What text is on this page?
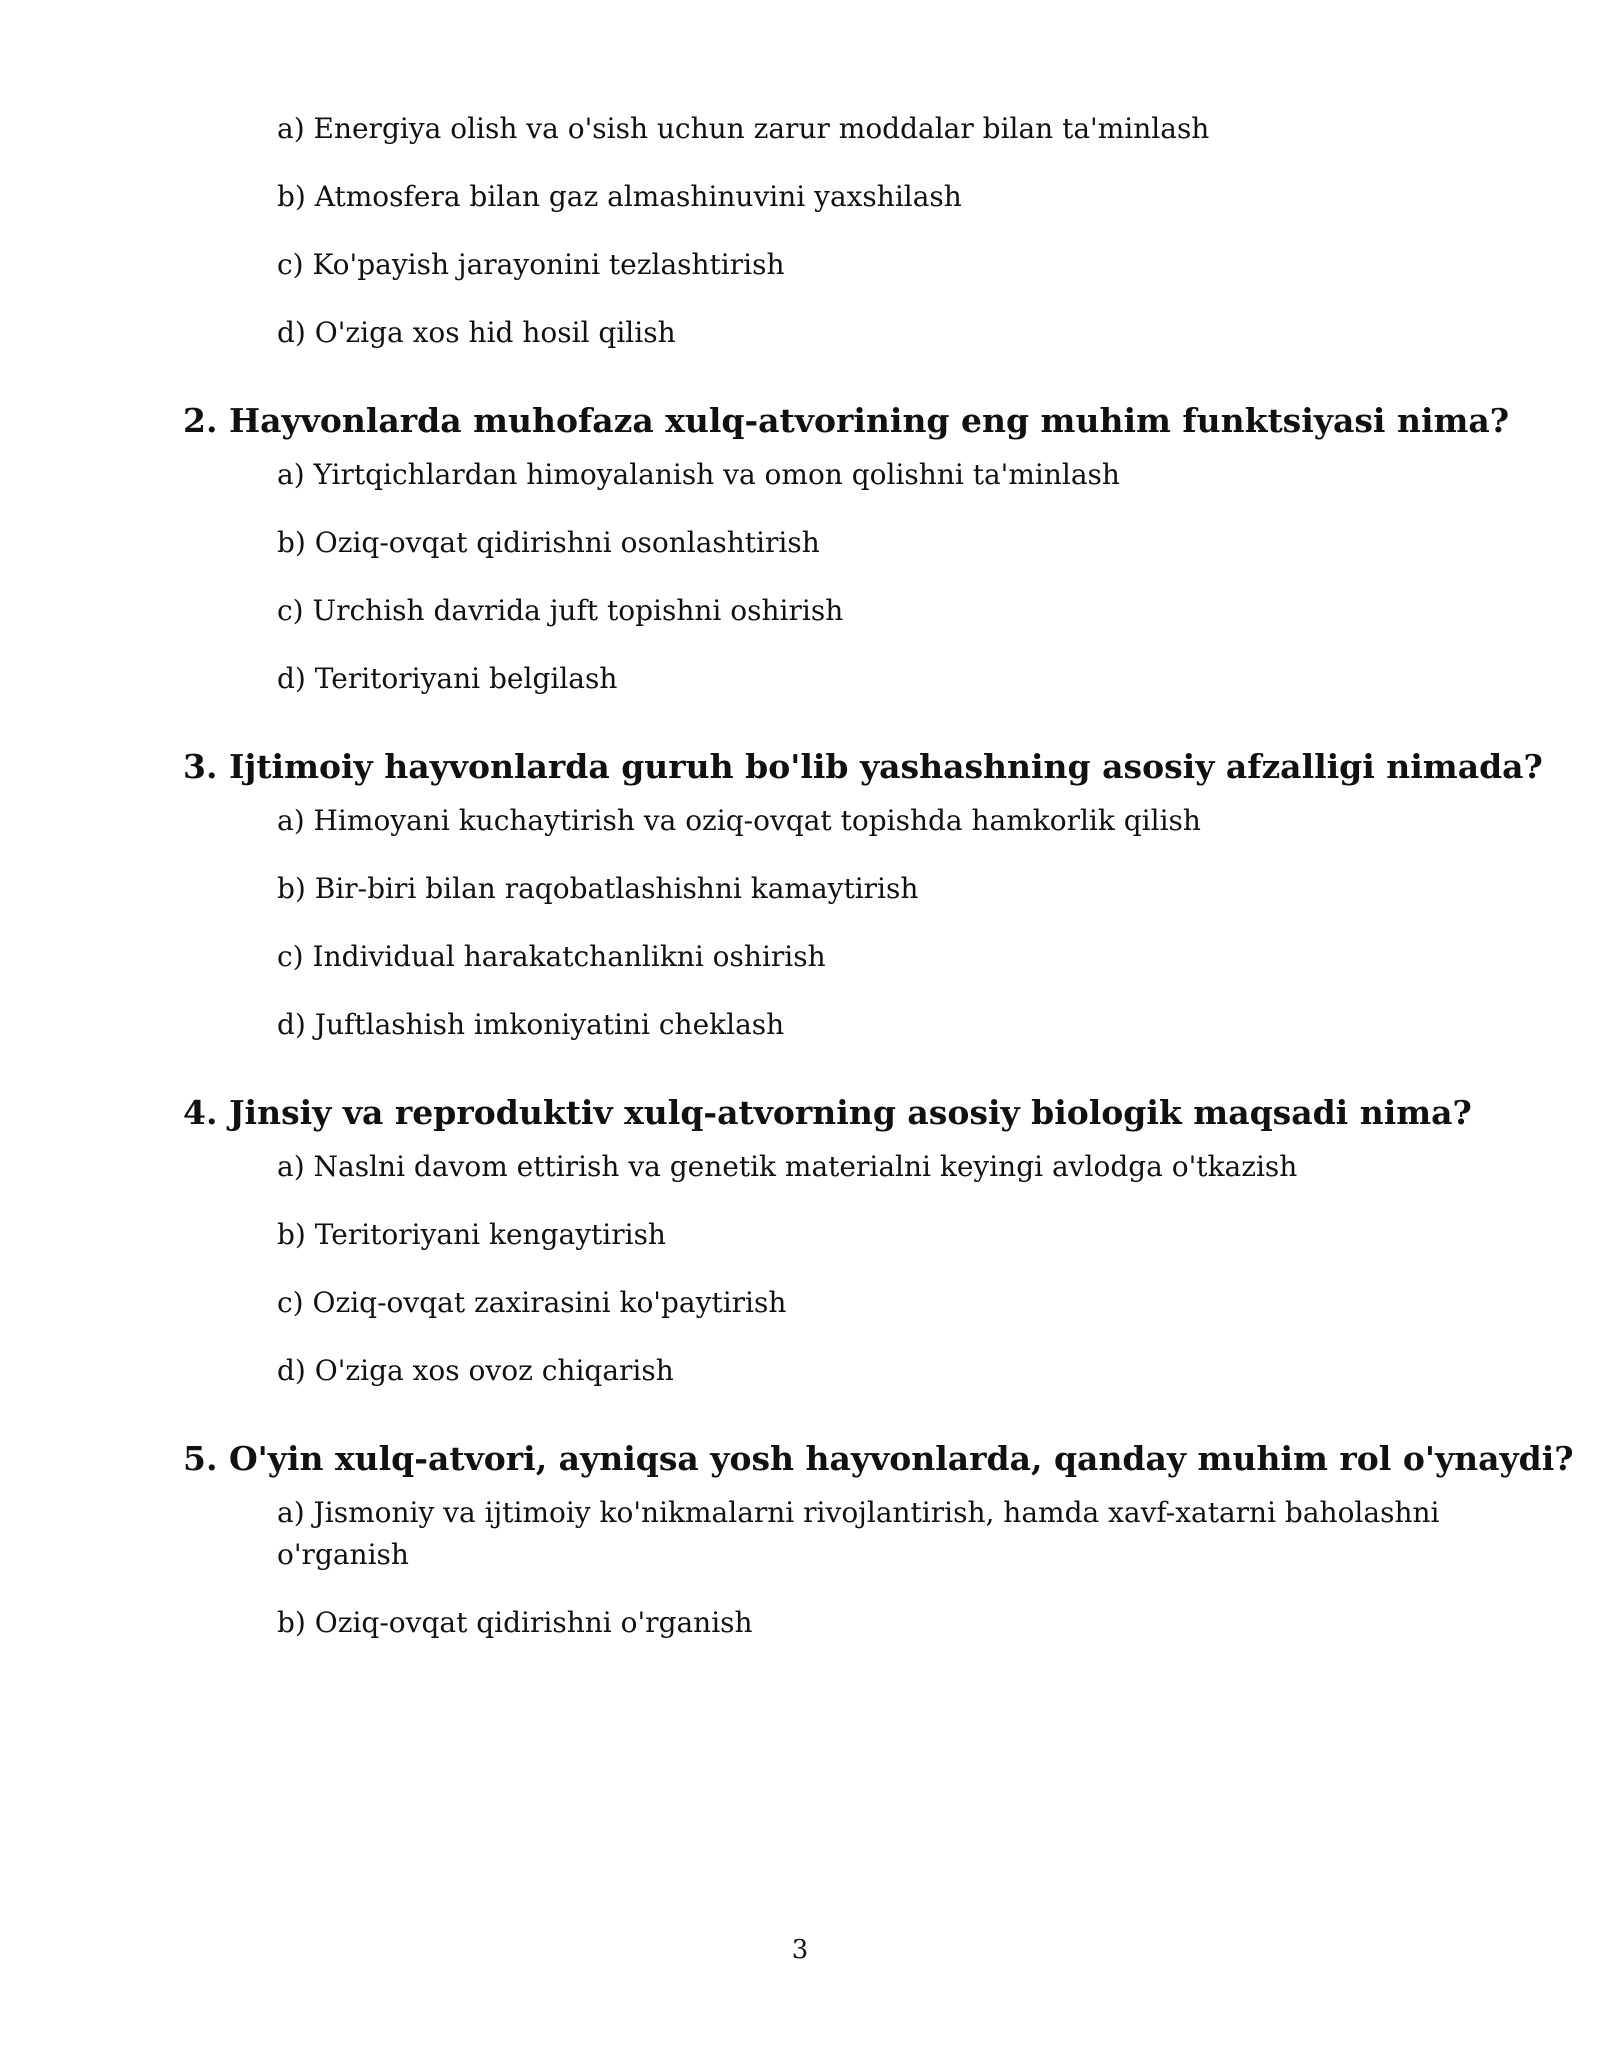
a) Energiya olish va o'sish uchun zarur moddalar bilan ta'minlash
b) Atmosfera bilan gaz almashinuvini yaxshilash
c) Ko'payish jarayonini tezlashtirish
d) O'ziga xos hid hosil qilish
2. Hayvonlarda muhofaza xulq-atvorining eng muhim funktsiyasi nima?
a) Yirtqichlardan himoyalanish va omon qolishni ta'minlash
b) Oziq-ovqat qidirishni osonlashtirish
c) Urchish davrida juft topishni oshirish
d) Teritoriyani belgilash
3. Ijtimoiy hayvonlarda guruh bo'lib yashashning asosiy afzalligi nimada?
a) Himoyani kuchaytirish va oziq-ovqat topishda hamkorlik qilish
b) Bir-biri bilan raqobatlashishni kamaytirish
c) Individual harakatchanlikni oshirish
d) Juftlashish imkoniyatini cheklash
4. Jinsiy va reproduktiv xulq-atvorning asosiy biologik maqsadi nima?
a) Naslni davom ettirish va genetik materialni keyingi avlodga o'tkazish
b) Teritoriyani kengaytirish
c) Oziq-ovqat zaxirasini ko'paytirish
d) O'ziga xos ovoz chiqarish
5. O'yin xulq-atvori, ayniqsa yosh hayvonlarda, qanday muhim rol o'ynaydi?
a) Jismoniy va ijtimoiy ko'nikmalarni rivojlantirish, hamda xavf-xatarni baholashni o'rganish
b) Oziq-ovqat qidirishni o'rganish
3
